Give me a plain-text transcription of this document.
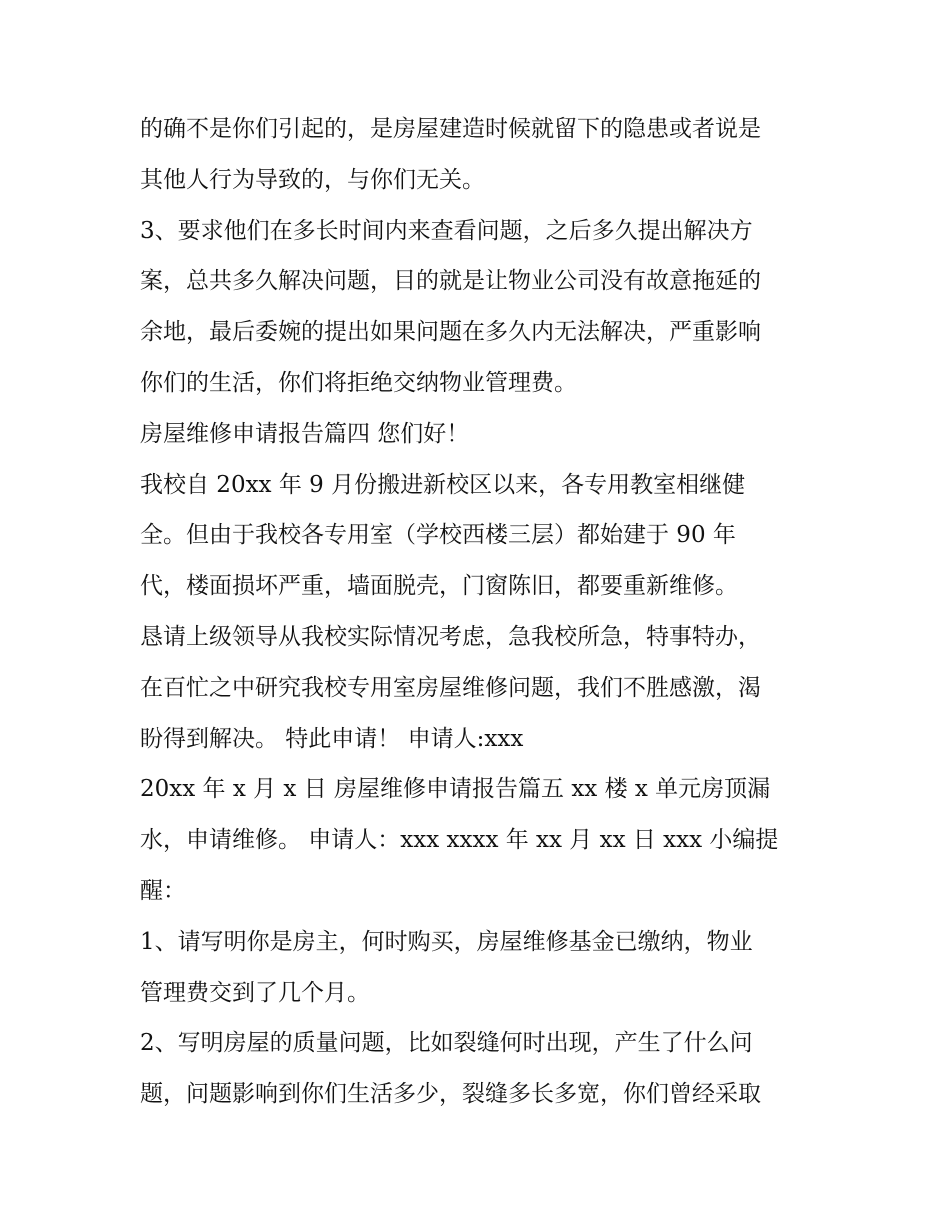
的确不是你们引起的，是房屋建造时候就留下的隐患或者说是
其他人行为导致的，与你们无关。
3、要求他们在多长时间内来查看问题，之后多久提出解决方
案，总共多久解决问题，目的就是让物业公司没有故意拖延的
余地，最后委婉的提出如果问题在多久内无法解决，严重影响
你们的生活，你们将拒绝交纳物业管理费。
房屋维修申请报告篇四 您们好！
我校自 20xx 年 9 月份搬进新校区以来，各专用教室相继健
全。但由于我校各专用室（学校西楼三层）都始建于 90 年
代，楼面损坏严重，墙面脱壳，门窗陈旧，都要重新维修。
恳请上级领导从我校实际情况考虑，急我校所急，特事特办，
在百忙之中研究我校专用室房屋维修问题，我们不胜感激，渴
盼得到解决。 特此申请！ 申请人:xxx
20xx 年 x 月 x 日 房屋维修申请报告篇五 xx 楼 x 单元房顶漏
水，申请维修。 申请人：xxx xxxx 年 xx 月 xx 日 xxx 小编提
醒：
1、请写明你是房主，何时购买，房屋维修基金已缴纳，物业
管理费交到了几个月。
2、写明房屋的质量问题，比如裂缝何时出现，产生了什么问
题，问题影响到你们生活多少，裂缝多长多宽，你们曾经采取
